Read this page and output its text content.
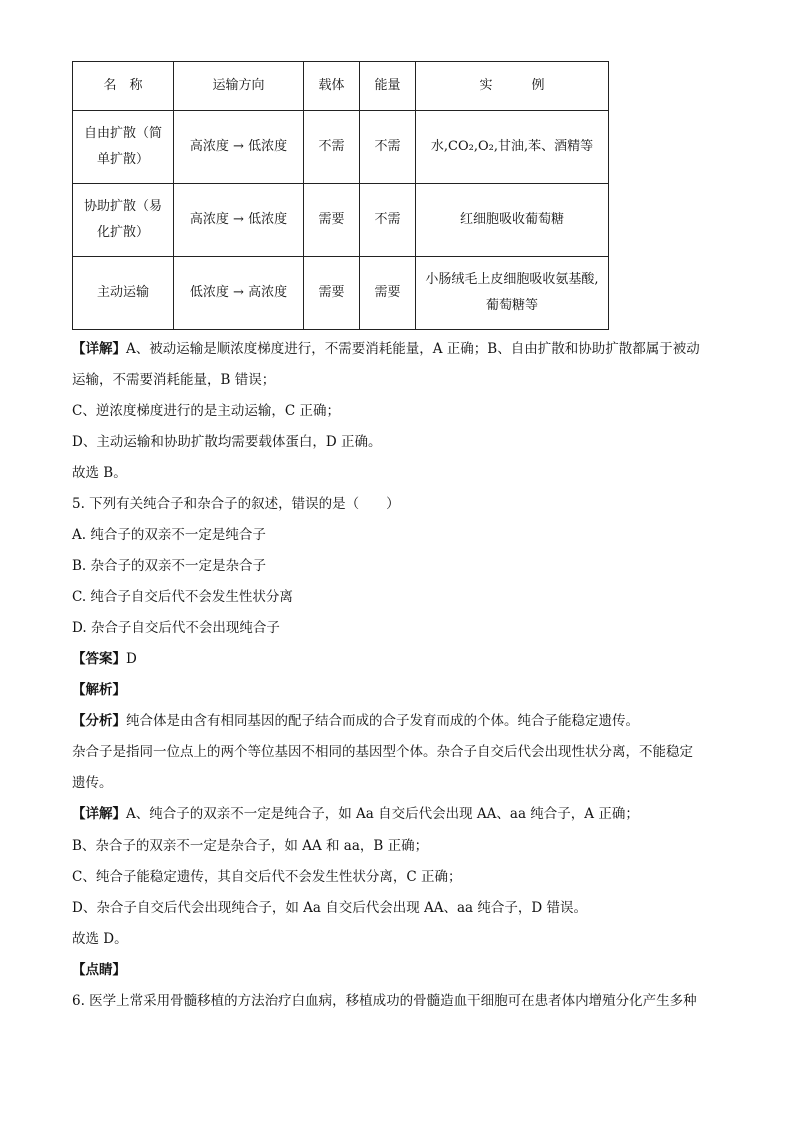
名　称	运输方向	载体	能量	实　　　例
自由扩散（简单扩散）	高浓度 → 低浓度	不需	不需	水,CO₂,O₂,甘油,苯、酒精等
协助扩散（易化扩散）	高浓度 → 低浓度	需要	不需	红细胞吸收葡萄糖
主动运输	低浓度 → 高浓度	需要	需要	小肠绒毛上皮细胞吸收氨基酸,葡萄糖等
【详解】A、被动运输是顺浓度梯度进行，不需要消耗能量，A 正确；B、自由扩散和协助扩散都属于被动
运输，不需要消耗能量，B 错误；
C、逆浓度梯度进行的是主动运输，C 正确；
D、主动运输和协助扩散均需要载体蛋白，D 正确。
故选 B。
5. 下列有关纯合子和杂合子的叙述，错误的是（　　）
A. 纯合子的双亲不一定是纯合子
B. 杂合子的双亲不一定是杂合子
C. 纯合子自交后代不会发生性状分离
D. 杂合子自交后代不会出现纯合子
【答案】D
【解析】
【分析】纯合体是由含有相同基因的配子结合而成的合子发育而成的个体。纯合子能稳定遗传。
杂合子是指同一位点上的两个等位基因不相同的基因型个体。杂合子自交后代会出现性状分离，不能稳定
遗传。
【详解】A、纯合子的双亲不一定是纯合子，如 Aa 自交后代会出现 AA、aa 纯合子，A 正确；
B、杂合子的双亲不一定是杂合子，如 AA 和 aa，B 正确；
C、纯合子能稳定遗传，其自交后代不会发生性状分离，C 正确；
D、杂合子自交后代会出现纯合子，如 Aa 自交后代会出现 AA、aa 纯合子，D 错误。
故选 D。
【点睛】
6. 医学上常采用骨髓移植的方法治疗白血病，移植成功的骨髓造血干细胞可在患者体内增殖分化产生多种
